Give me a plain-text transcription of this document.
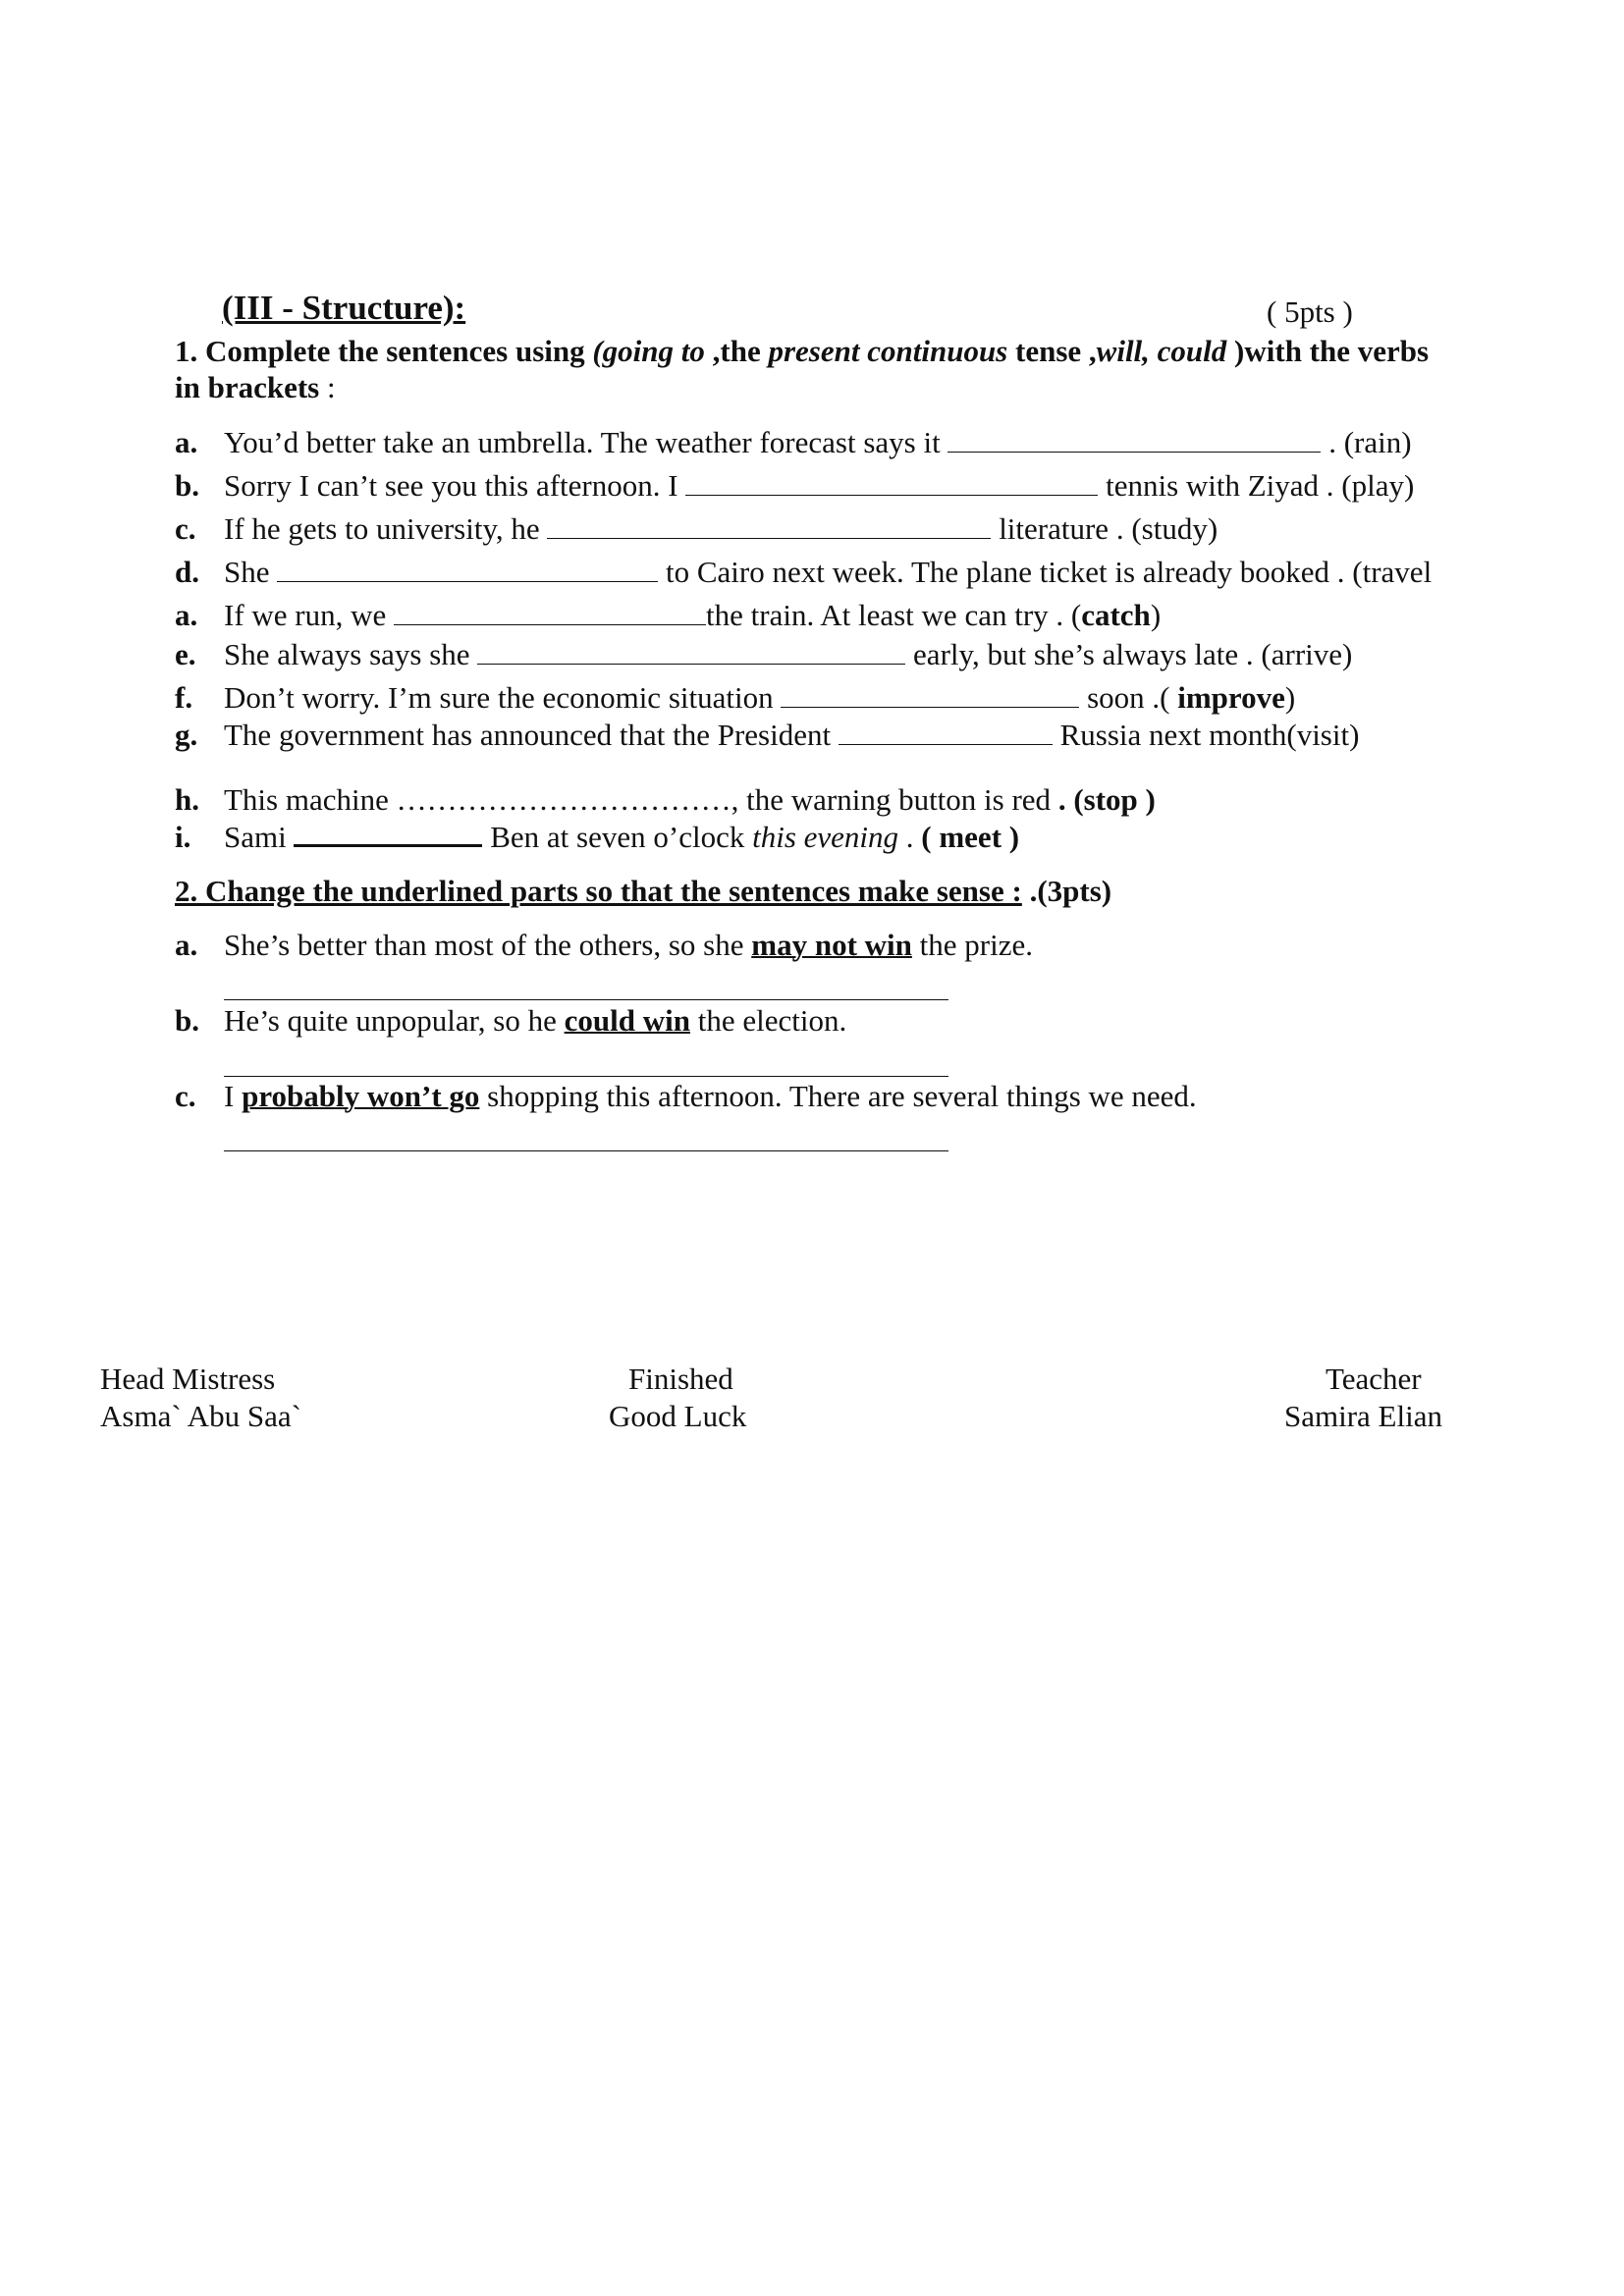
(III - Structure):	( 5pts )
1. Complete the sentences using (going to ,the present continuous tense ,will, could )with the verbs
in brackets :
a. You’d better take an umbrella. The weather forecast says it	. (rain)
b. Sorry I can’t see you this afternoon. I	tennis with Ziyad . (play)
c. If he gets to university, he	literature . (study)
d. She	to Cairo next week. The plane ticket is already booked . (travel
a. If we run, we	the train. At least we can try . (catch)
e. She always says she	early, but she’s always late . (arrive)
f. Don’t worry. I’m sure the economic situation	soon .( improve)
g. The government has announced that the President	Russia next month(visit)
h. This machine ……………………………, the warning button is red . (stop )
i. Sami	Ben at seven o’clock this evening . ( meet )
2. Change the underlined parts so that the sentences make sense : .(3pts)
a. She’s better than most of the others, so she may not win the prize.
b. He’s quite unpopular, so he could win the election.
c. I probably won’t go shopping this afternoon. There are several things we need.
Head Mistress
Asma` Abu Saa`
Finished
Good Luck
Teacher
Samira Elian
